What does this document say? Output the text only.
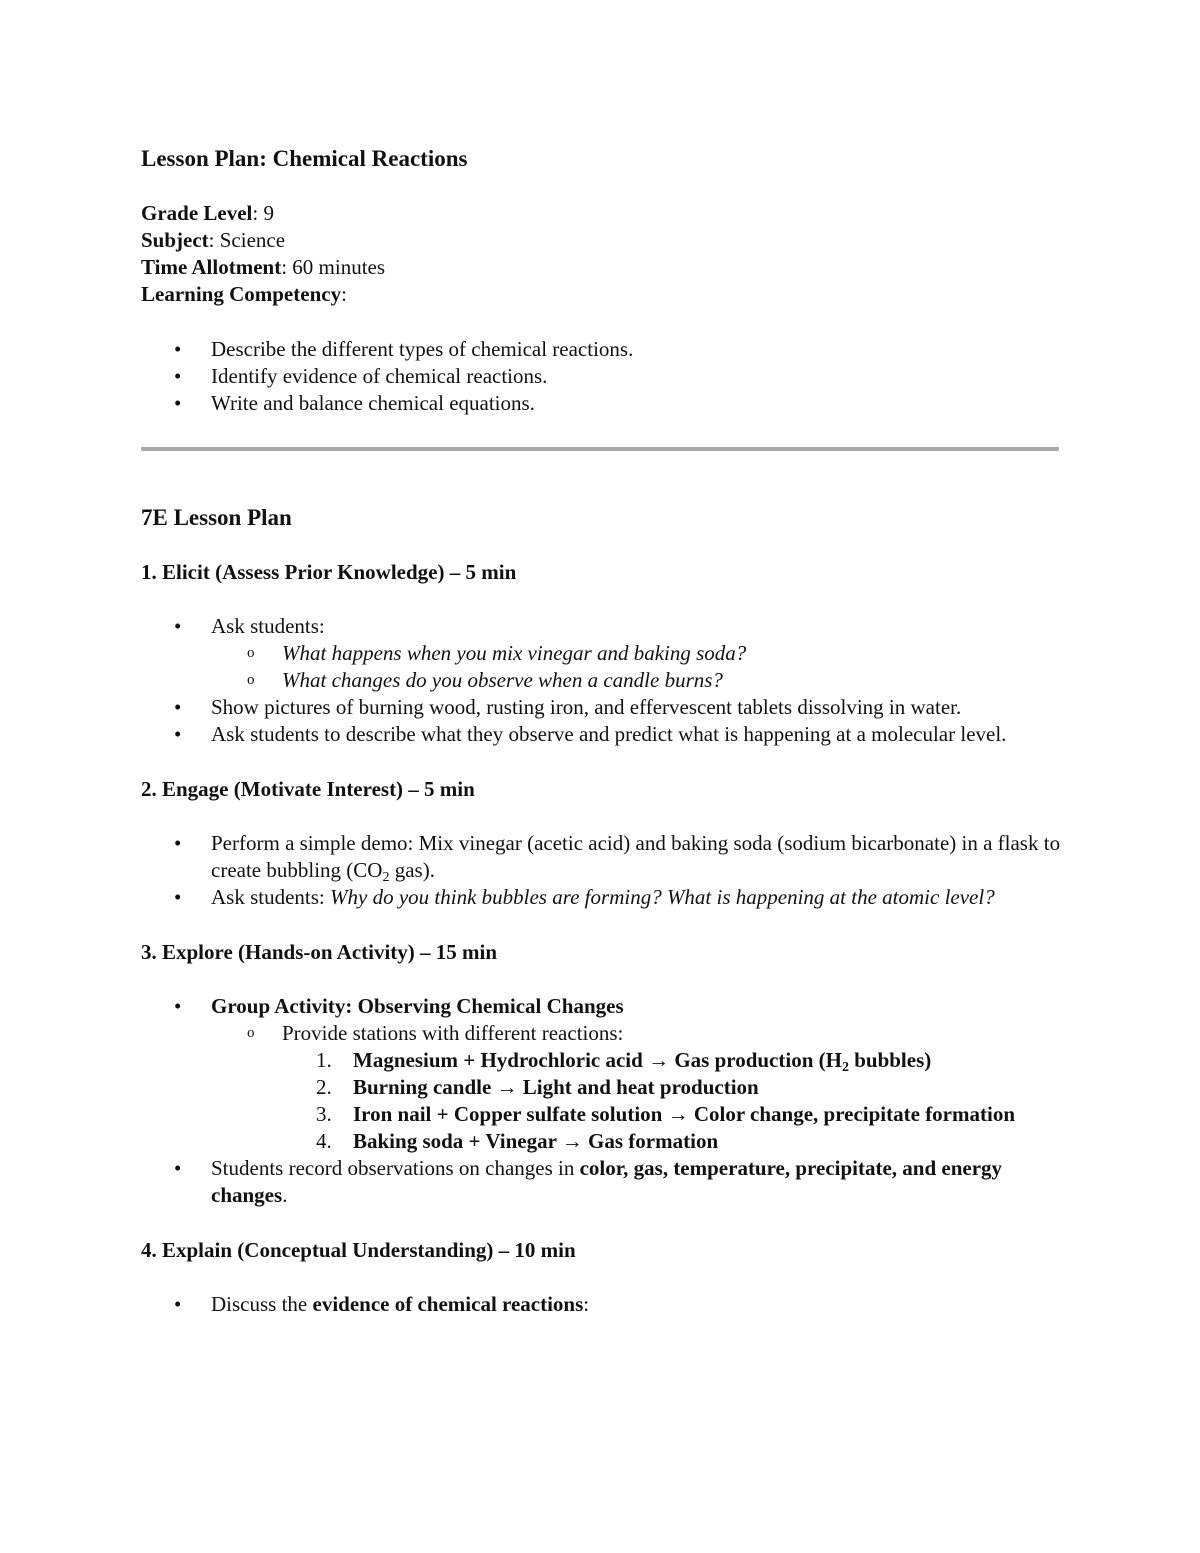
Lesson Plan: Chemical Reactions
Grade Level: 9
Subject: Science
Time Allotment: 60 minutes
Learning Competency:
• Describe the different types of chemical reactions.
• Identify evidence of chemical reactions.
• Write and balance chemical equations.
7E Lesson Plan
1. Elicit (Assess Prior Knowledge) – 5 min
• Ask students:
o What happens when you mix vinegar and baking soda?
o What changes do you observe when a candle burns?
• Show pictures of burning wood, rusting iron, and effervescent tablets dissolving in water.
• Ask students to describe what they observe and predict what is happening at a molecular level.
2. Engage (Motivate Interest) – 5 min
• Perform a simple demo: Mix vinegar (acetic acid) and baking soda (sodium bicarbonate) in a flask to create bubbling ($CO_2$ gas).
• Ask students: Why do you think bubbles are forming? What is happening at the atomic level?
3. Explore (Hands-on Activity) – 15 min
• Group Activity: Observing Chemical Changes
o Provide stations with different reactions:
1. Magnesium + Hydrochloric acid → Gas production ($H_2$ bubbles)
2. Burning candle → Light and heat production
3. Iron nail + Copper sulfate solution → Color change, precipitate formation
4. Baking soda + Vinegar → Gas formation
• Students record observations on changes in color, gas, temperature, precipitate, and energy changes.
4. Explain (Conceptual Understanding) – 10 min
• Discuss the evidence of chemical reactions:
